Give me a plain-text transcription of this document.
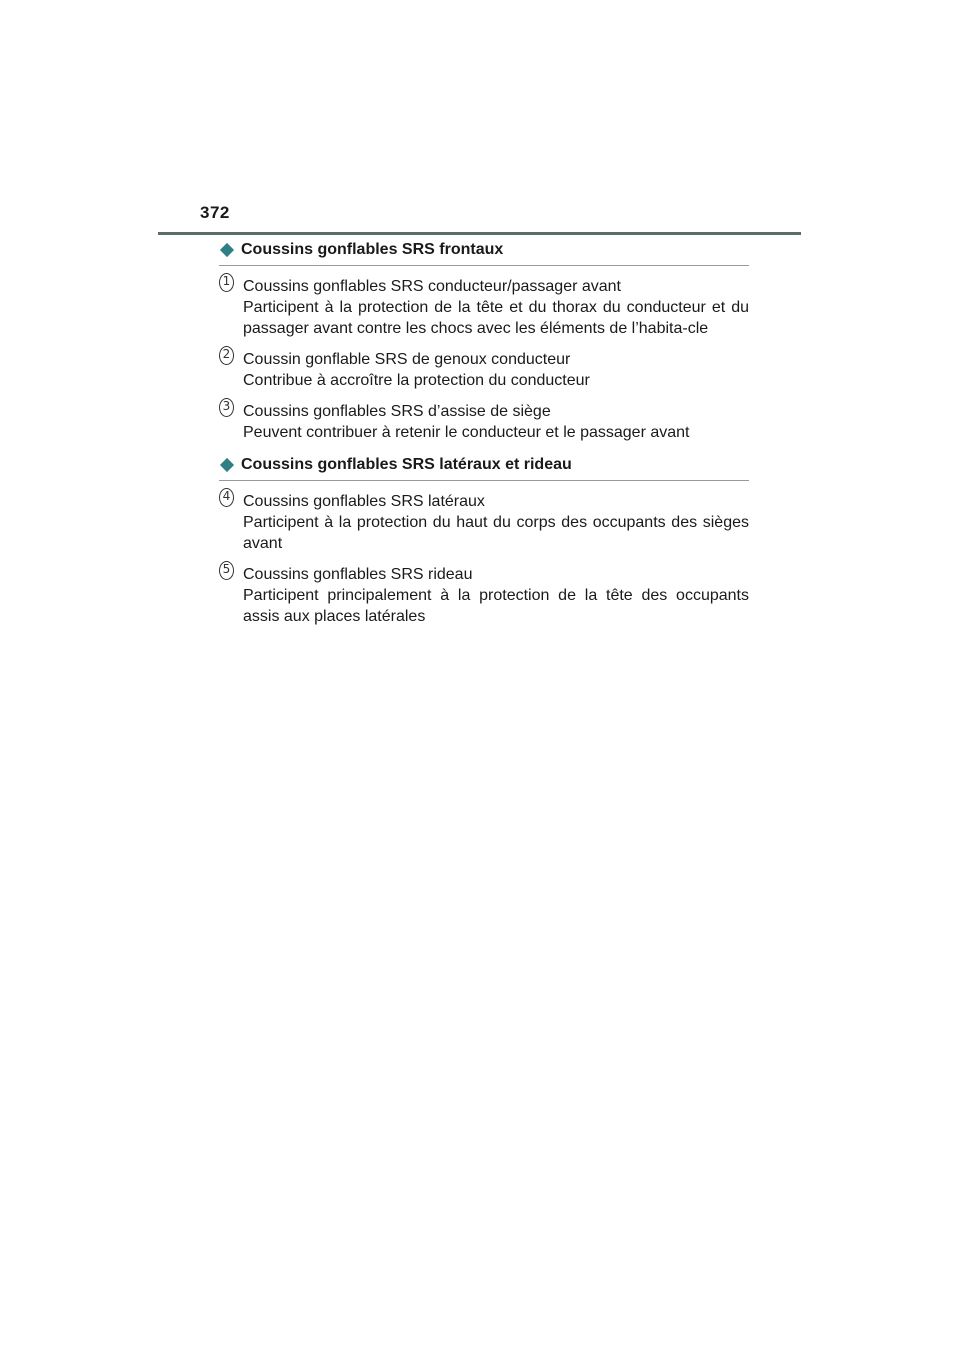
372
Coussins gonflables SRS frontaux
1 Coussins gonflables SRS conducteur/passager avant
Participent à la protection de la tête et du thorax du conducteur et du passager avant contre les chocs avec les éléments de l’habita-cle
2 Coussin gonflable SRS de genoux conducteur
Contribue à accroître la protection du conducteur
3 Coussins gonflables SRS d’assise de siège
Peuvent contribuer à retenir le conducteur et le passager avant
Coussins gonflables SRS latéraux et rideau
4 Coussins gonflables SRS latéraux
Participent à la protection du haut du corps des occupants des sièges avant
5 Coussins gonflables SRS rideau
Participent principalement à la protection de la tête des occupants assis aux places latérales
